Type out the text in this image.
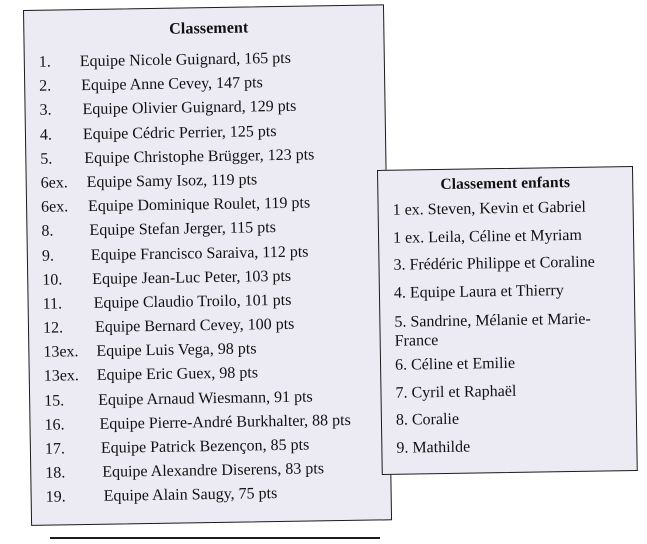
Classement
1. Equipe Nicole Guignard, 165 pts
2. Equipe Anne Cevey, 147 pts
3. Equipe Olivier Guignard, 129 pts
4. Equipe Cédric Perrier, 125 pts
5. Equipe Christophe Brügger, 123 pts
6ex. Equipe Samy Isoz, 119 pts
6ex. Equipe Dominique Roulet, 119 pts
8. Equipe Stefan Jerger, 115 pts
9. Equipe Francisco Saraiva, 112 pts
10. Equipe Jean-Luc Peter, 103 pts
11. Equipe Claudio Troilo, 101 pts
12. Equipe Bernard Cevey, 100 pts
13ex. Equipe Luis Vega, 98 pts
13ex. Equipe Eric Guex, 98 pts
15. Equipe Arnaud Wiesmann, 91 pts
16. Equipe Pierre-André Burkhalter, 88 pts
17. Equipe Patrick Bezençon, 85 pts
18. Equipe Alexandre Diserens, 83 pts
19. Equipe Alain Saugy, 75 pts
Classement enfants
1 ex. Steven, Kevin et Gabriel
1 ex. Leila, Céline et Myriam
3. Frédéric Philippe et Coraline
4. Equipe Laura et Thierry
5. Sandrine, Mélanie et Marie-France
6. Céline et Emilie
7. Cyril et Raphaël
8. Coralie
9. Mathilde
